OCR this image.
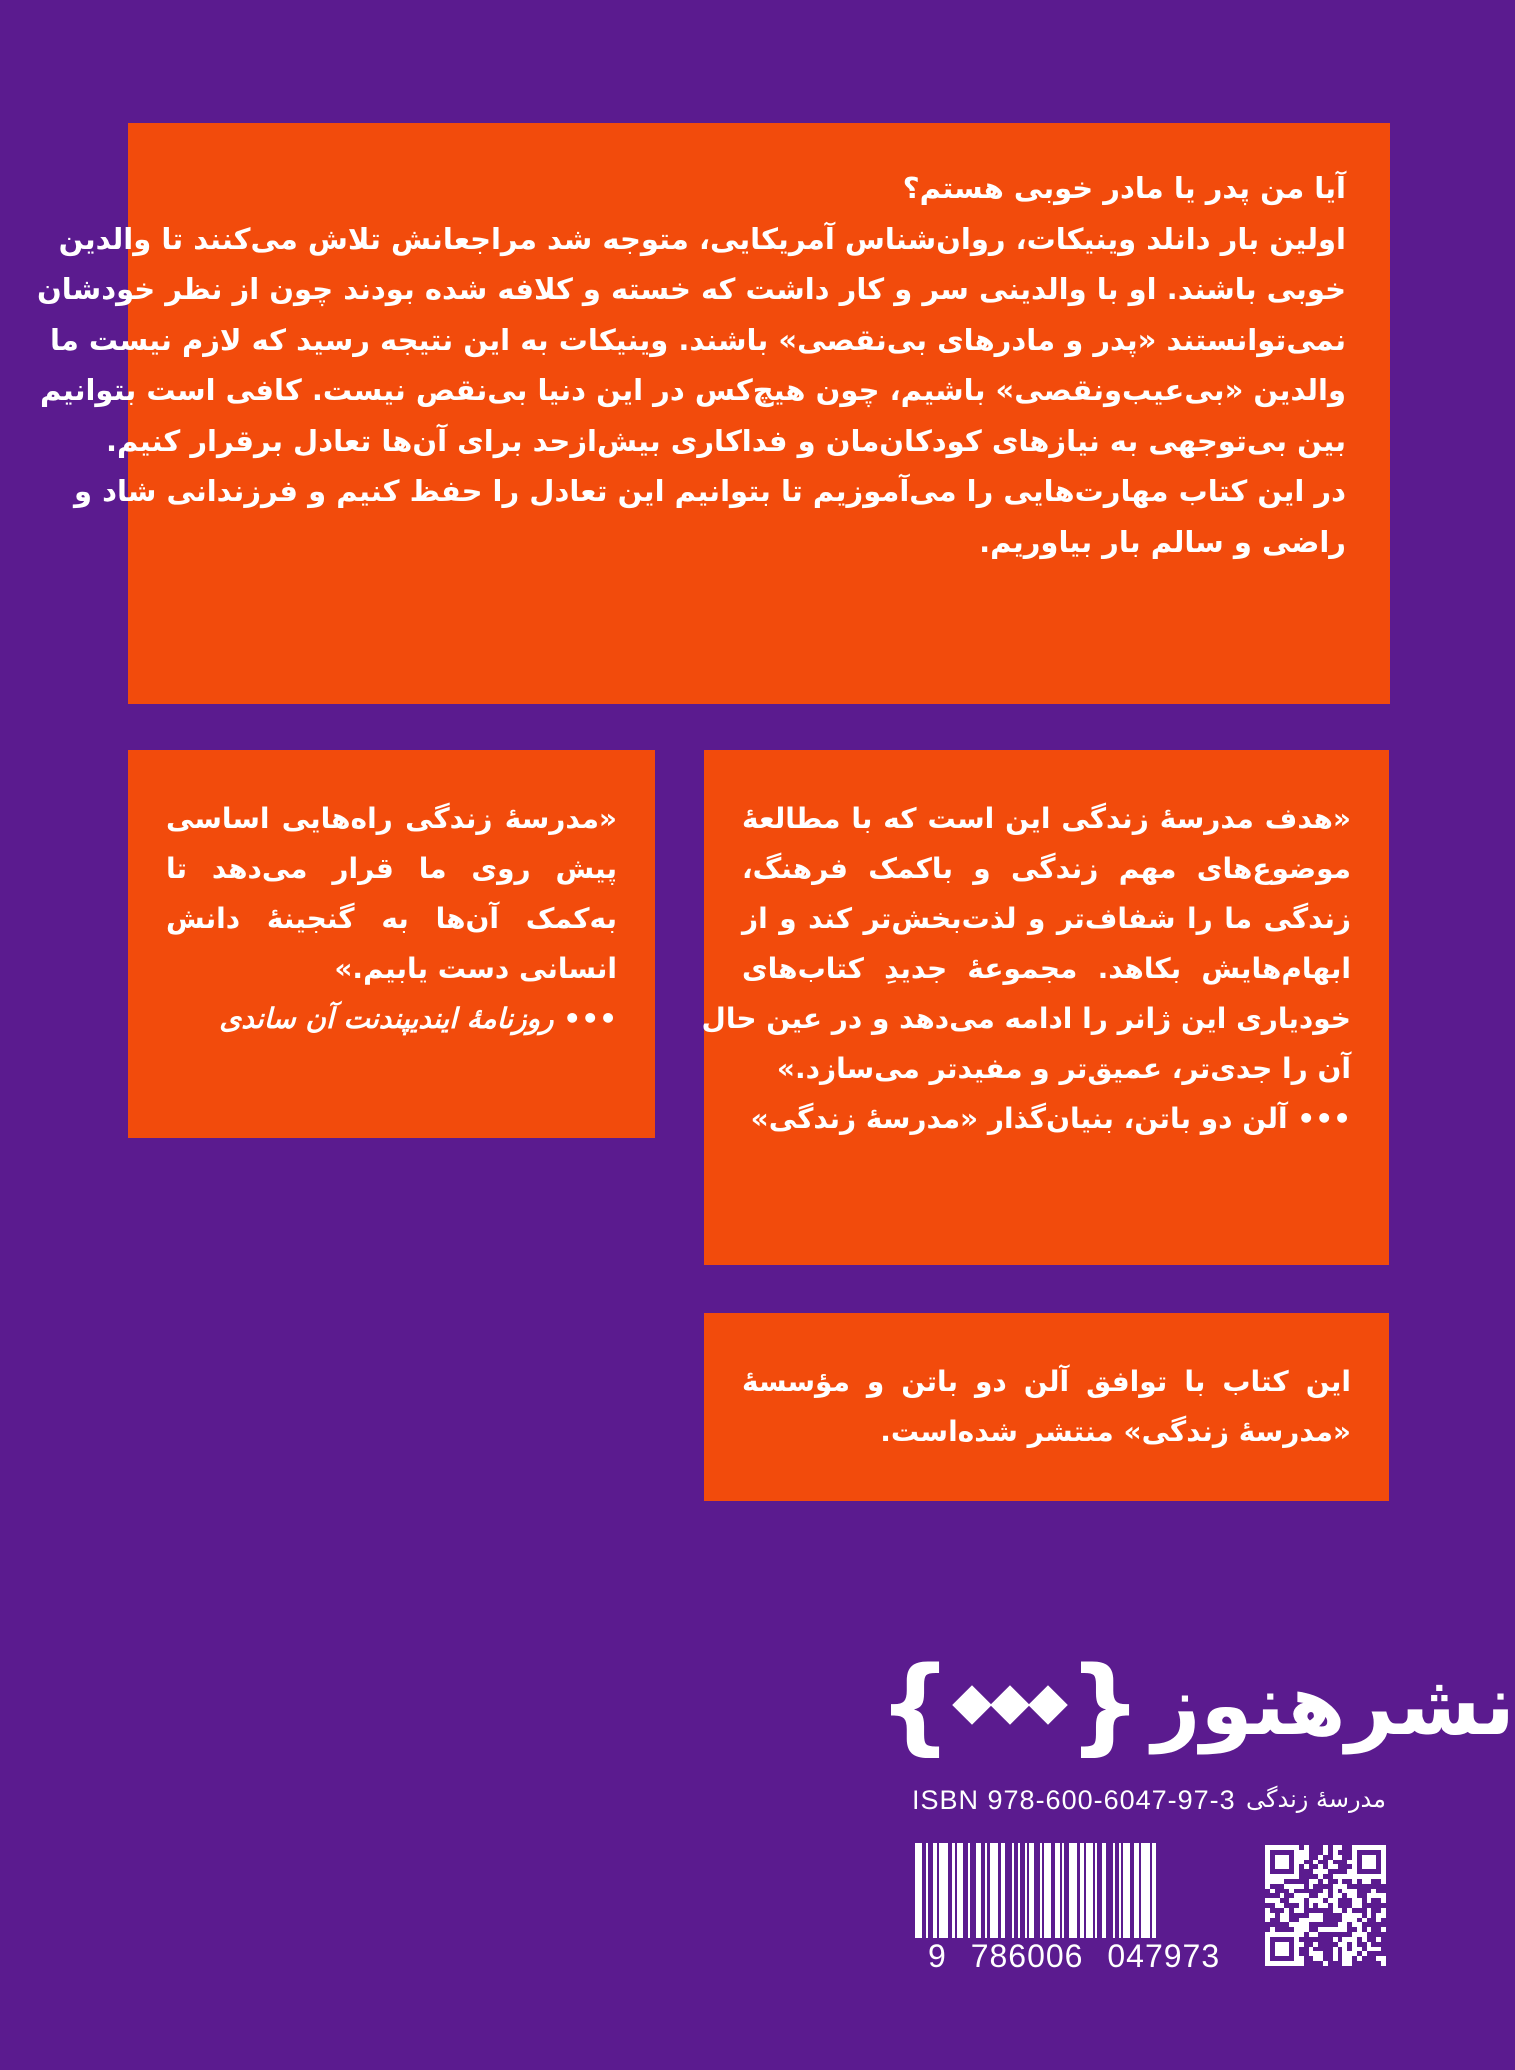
آیا من پدر یا مادر خوبی هستم؟
اولین بار دانلد وینیکات، روان‌شناس آمریکایی، متوجه شد مراجعانش تلاش می‌کنند تا والدین
خوبی باشند. او با والدینی سر و کار داشت که خسته و کلافه شده بودند چون از نظر خودشان
نمی‌توانستند «پدر و مادرهای بی‌نقصی» باشند. وینیکات به این نتیجه رسید که لازم نیست ما
والدین «بی‌عیب‌ونقصی» باشیم، چون هیچ‌کس در این دنیا بی‌نقص نیست. کافی است بتوانیم
بین بی‌توجهی به نیازهای کودکان‌مان و فداکاری بیش‌ازحد برای آن‌ها تعادل برقرار کنیم.
در این کتاب مهارت‌هایی را می‌آموزیم تا بتوانیم این تعادل را حفظ کنیم و فرزندانی شاد و
راضی و سالم بار بیاوریم.
«مدرسهٔ زندگی راه‌هایی اساسی
پیش روی ما قرار می‌دهد تا
به‌کمک آن‌ها به گنجینهٔ دانش
انسانی دست یابیم.»
••• روزنامهٔ ایندیپندنت آن ساندی
«هدف مدرسهٔ زندگی این است که با مطالعهٔ
موضوع‌های مهم زندگی و باکمک فرهنگ،
زندگی ما را شفاف‌تر و لذت‌بخش‌تر کند و از
ابهام‌هایش بکاهد. مجموعهٔ جدیدِ کتاب‌های
خودیاری این ژانر را ادامه می‌دهد و در عین حال
آن را جدی‌تر، عمیق‌تر و مفیدتر می‌سازد.»
••• آلن دو باتن، بنیان‌گذار «مدرسهٔ زندگی»
این کتاب با توافق آلن دو باتن و مؤسسهٔ
«مدرسهٔ زندگی» منتشر شده‌است.
{ } نشرهنوز
ISBN 978-600-6047-97-3 مدرسهٔ زندگی
9 786006 047973
